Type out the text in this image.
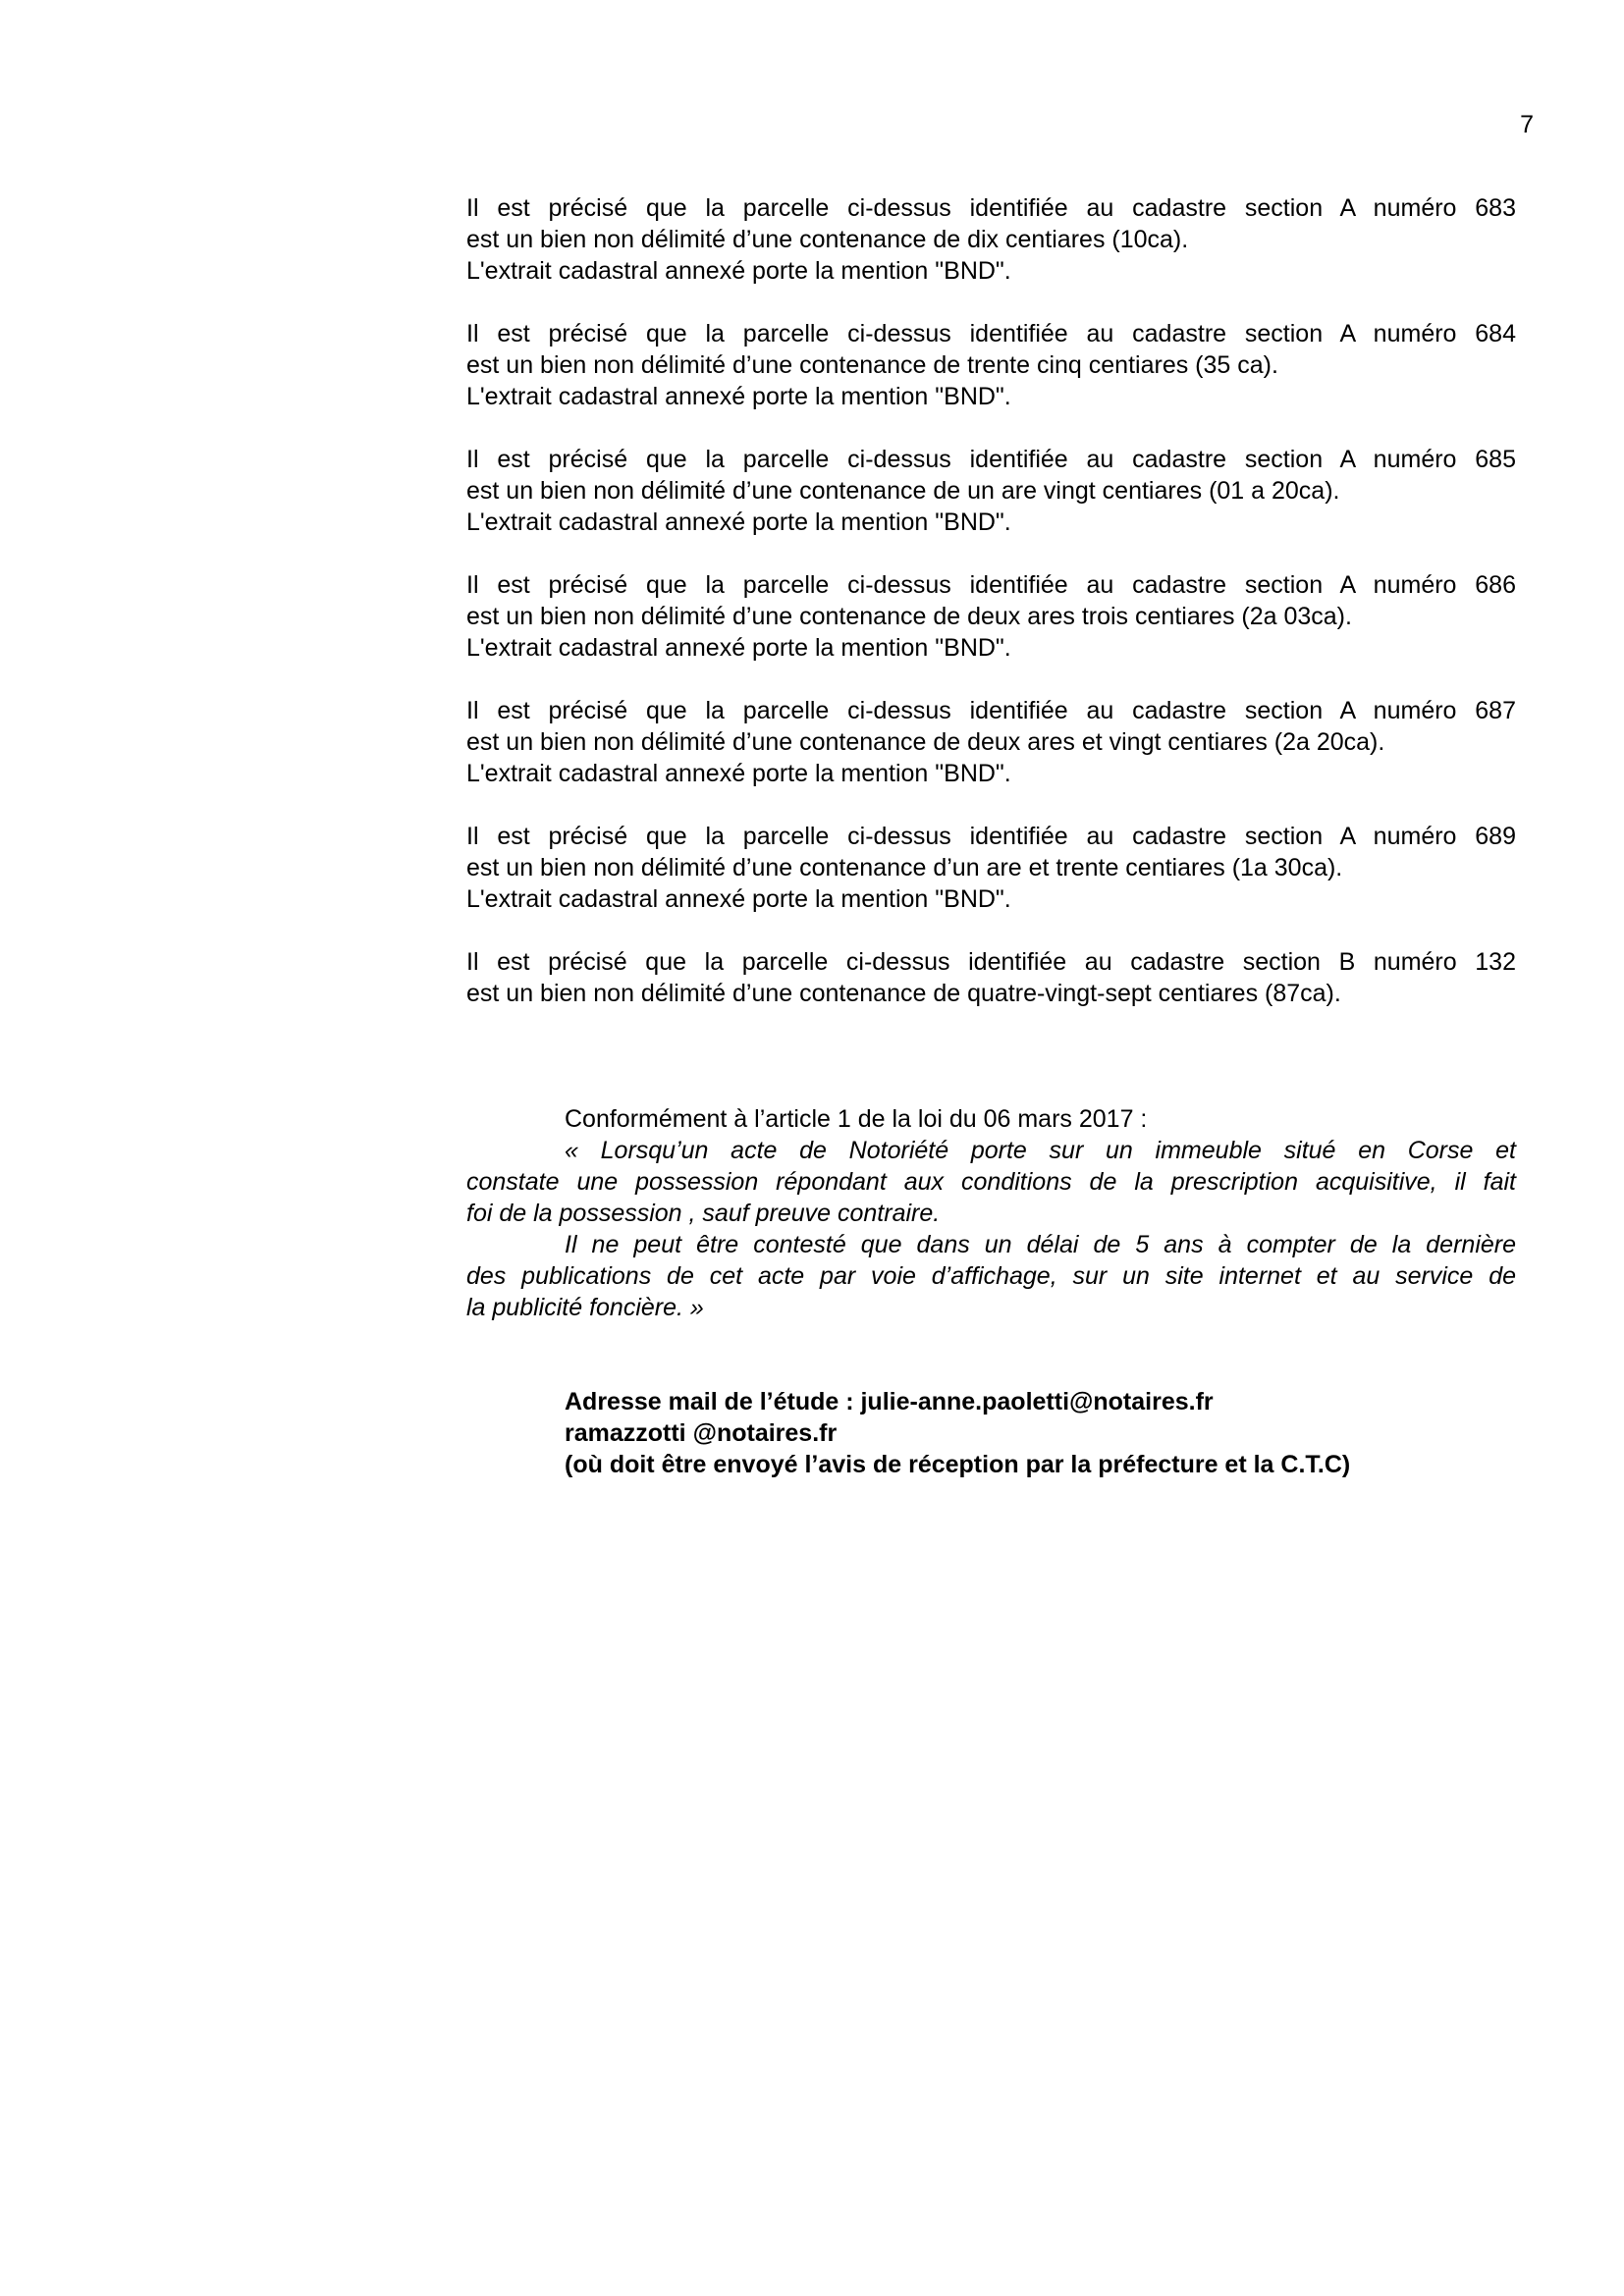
7

Il est précisé que la parcelle ci-dessus identifiée au cadastre section A numéro 683
est un bien non délimité d’une contenance de dix centiares (10ca).
L'extrait cadastral annexé porte la mention "BND".

Il est précisé que la parcelle ci-dessus identifiée au cadastre section A numéro 684
est un bien non délimité d’une contenance de trente cinq centiares (35 ca).
L'extrait cadastral annexé porte la mention "BND".

Il est précisé que la parcelle ci-dessus identifiée au cadastre section A numéro 685
est un bien non délimité d’une contenance de un are vingt centiares (01 a 20ca).
L'extrait cadastral annexé porte la mention "BND".

Il est précisé que la parcelle ci-dessus identifiée au cadastre section A numéro 686
est un bien non délimité d’une contenance de deux ares trois centiares (2a 03ca).
L'extrait cadastral annexé porte la mention "BND".

Il est précisé que la parcelle ci-dessus identifiée au cadastre section A numéro 687
est un bien non délimité d’une contenance de deux ares et vingt centiares (2a 20ca).
L'extrait cadastral annexé porte la mention "BND".

Il est précisé que la parcelle ci-dessus identifiée au cadastre section A numéro 689
est un bien non délimité d’une contenance d’un are et trente centiares (1a 30ca).
L'extrait cadastral annexé porte la mention "BND".

Il est précisé que la parcelle ci-dessus identifiée au cadastre section B numéro 132
est un bien non délimité d’une contenance de quatre-vingt-sept centiares (87ca).

Conformément à l’article 1 de la loi du 06 mars 2017 :
« Lorsqu’un acte de Notoriété porte sur un immeuble situé en Corse et
constate une possession répondant aux conditions de la prescription acquisitive, il fait
foi de la possession , sauf preuve contraire.
Il ne peut être contesté que dans un délai de 5 ans à compter de la dernière
des publications de cet acte par voie d’affichage, sur un site internet et au service de
la publicité foncière. »
Adresse mail de l’étude : julie-anne.paoletti@notaires.fr
ramazzotti @notaires.fr
(où doit être envoyé l’avis de réception par la préfecture et la C.T.C)
